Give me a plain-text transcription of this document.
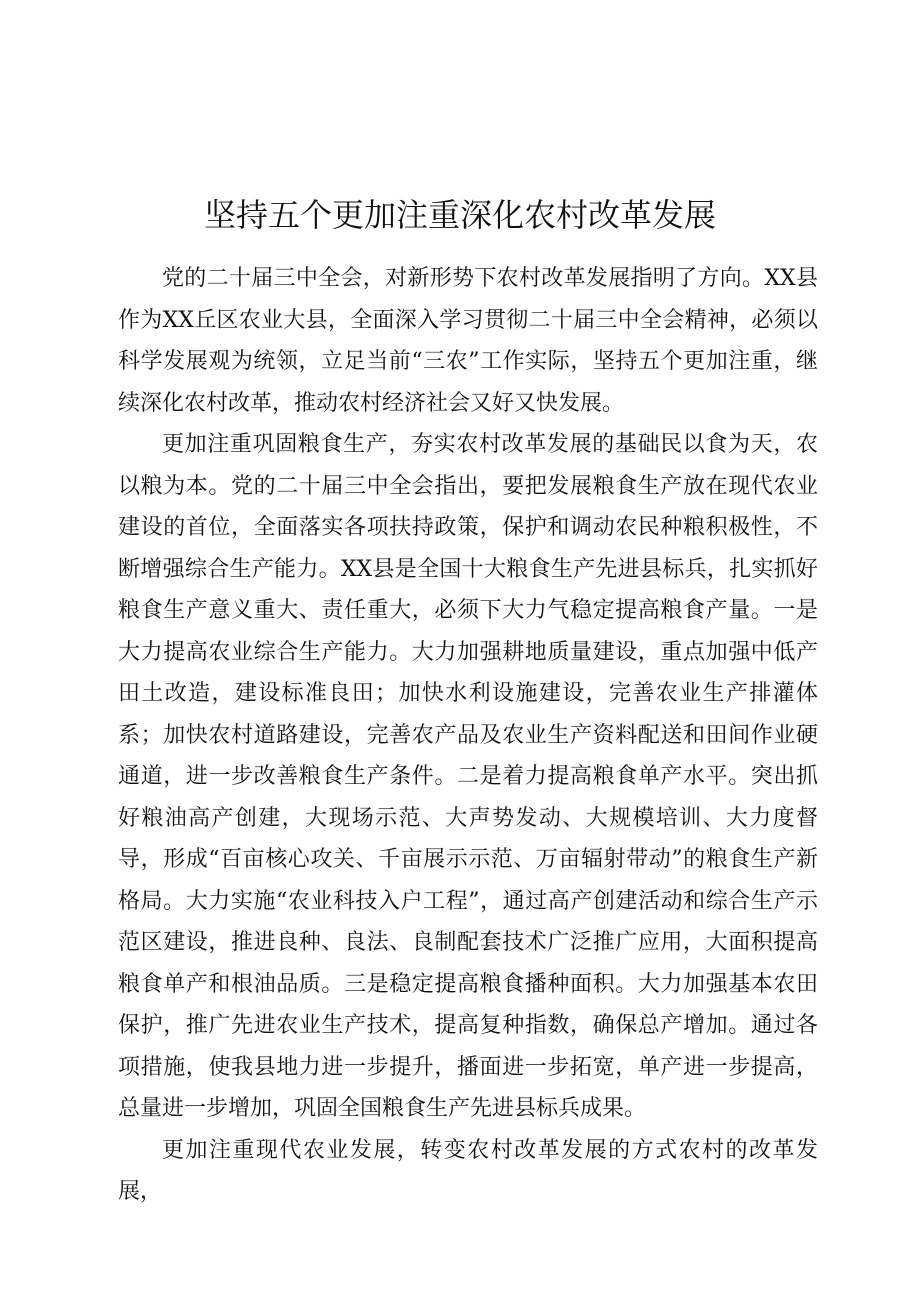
坚持五个更加注重深化农村改革发展

党的二十届三中全会，对新形势下农村改革发展指明了方向。XX县作为XX丘区农业大县，全面深入学习贯彻二十届三中全会精神，必须以科学发展观为统领，立足当前“三农”工作实际，坚持五个更加注重，继续深化农村改革，推动农村经济社会又好又快发展。

更加注重巩固粮食生产，夯实农村改革发展的基础民以食为天，农以粮为本。党的二十届三中全会指出，要把发展粮食生产放在现代农业建设的首位，全面落实各项扶持政策，保护和调动农民种粮积极性，不断增强综合生产能力。XX县是全国十大粮食生产先进县标兵，扎实抓好粮食生产意义重大、责任重大，必须下大力气稳定提高粮食产量。一是大力提高农业综合生产能力。大力加强耕地质量建设，重点加强中低产田土改造，建设标准良田；加快水利设施建设，完善农业生产排灌体系；加快农村道路建设，完善农产品及农业生产资料配送和田间作业硬通道，进一步改善粮食生产条件。二是着力提高粮食单产水平。突出抓好粮油高产创建，大现场示范、大声势发动、大规模培训、大力度督导，形成“百亩核心攻关、千亩展示示范、万亩辐射带动”的粮食生产新格局。大力实施“农业科技入户工程”，通过高产创建活动和综合生产示范区建设，推进良种、良法、良制配套技术广泛推广应用，大面积提高粮食单产和根油品质。三是稳定提高粮食播种面积。大力加强基本农田保护，推广先进农业生产技术，提高复种指数，确保总产增加。通过各项措施，使我县地力进一步提升，播面进一步拓宽，单产进一步提高，总量进一步增加，巩固全国粮食生产先进县标兵成果。

更加注重现代农业发展，转变农村改革发展的方式农村的改革发展，
